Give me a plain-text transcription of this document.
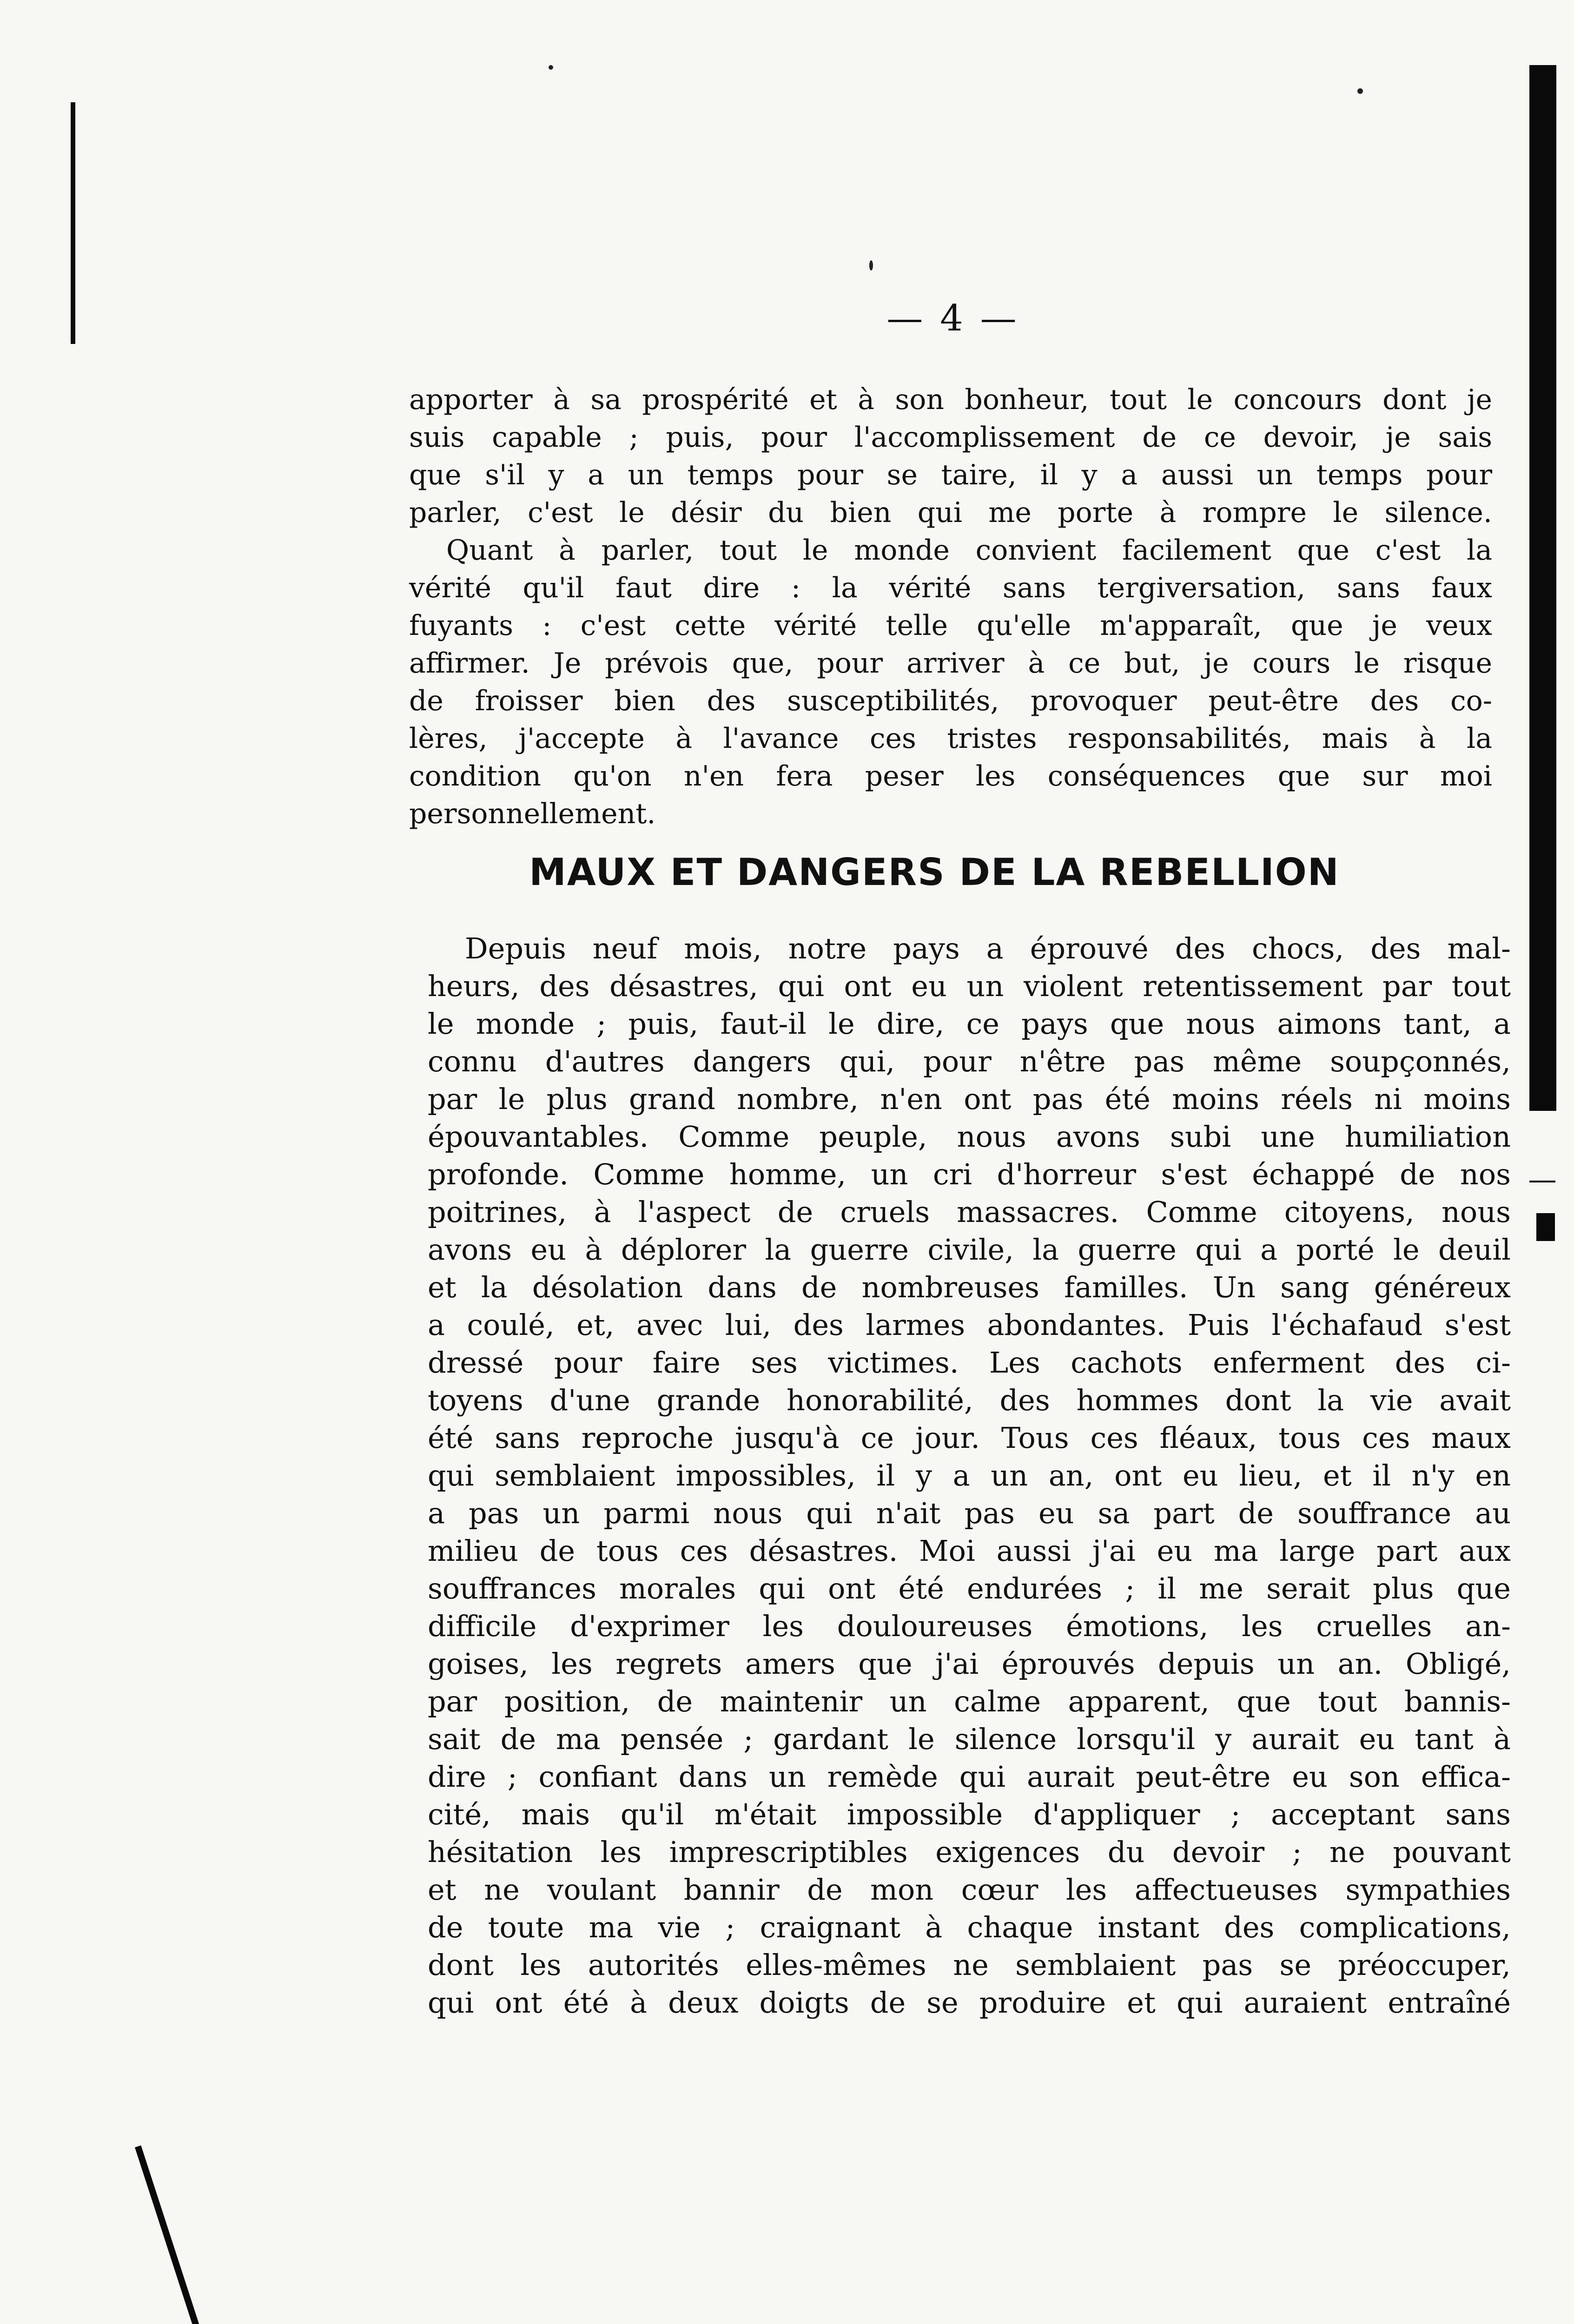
— 4 —
apporter à sa prospérité et à son bonheur, tout le concours dont je
suis capable ; puis, pour l'accomplissement de ce devoir, je sais
que s'il y a un temps pour se taire, il y a aussi un temps pour
parler, c'est le désir du bien qui me porte à rompre le silence.
Quant à parler, tout le monde convient facilement que c'est la
vérité qu'il faut dire : la vérité sans tergiversation, sans faux
fuyants : c'est cette vérité telle qu'elle m'apparaît, que je veux
affirmer. Je prévois que, pour arriver à ce but, je cours le risque
de froisser bien des susceptibilités, provoquer peut-être des co-
lères, j'accepte à l'avance ces tristes responsabilités, mais à la
condition qu'on n'en fera peser les conséquences que sur moi
personnellement.
MAUX ET DANGERS DE LA REBELLION
Depuis neuf mois, notre pays a éprouvé des chocs, des mal-
heurs, des désastres, qui ont eu un violent retentissement par tout
le monde ; puis, faut-il le dire, ce pays que nous aimons tant, a
connu d'autres dangers qui, pour n'être pas même soupçonnés,
par le plus grand nombre, n'en ont pas été moins réels ni moins
épouvantables. Comme peuple, nous avons subi une humiliation
profonde. Comme homme, un cri d'horreur s'est échappé de nos
poitrines, à l'aspect de cruels massacres. Comme citoyens, nous
avons eu à déplorer la guerre civile, la guerre qui a porté le deuil
et la désolation dans de nombreuses familles. Un sang généreux
a coulé, et, avec lui, des larmes abondantes. Puis l'échafaud s'est
dressé pour faire ses victimes. Les cachots enferment des ci-
toyens d'une grande honorabilité, des hommes dont la vie avait
été sans reproche jusqu'à ce jour. Tous ces fléaux, tous ces maux
qui semblaient impossibles, il y a un an, ont eu lieu, et il n'y en
a pas un parmi nous qui n'ait pas eu sa part de souffrance au
milieu de tous ces désastres. Moi aussi j'ai eu ma large part aux
souffrances morales qui ont été endurées ; il me serait plus que
difficile d'exprimer les douloureuses émotions, les cruelles an-
goises, les regrets amers que j'ai éprouvés depuis un an. Obligé,
par position, de maintenir un calme apparent, que tout bannis-
sait de ma pensée ; gardant le silence lorsqu'il y aurait eu tant à
dire ; confiant dans un remède qui aurait peut-être eu son effica-
cité, mais qu'il m'était impossible d'appliquer ; acceptant sans
hésitation les imprescriptibles exigences du devoir ; ne pouvant
et ne voulant bannir de mon cœur les affectueuses sympathies
de toute ma vie ; craignant à chaque instant des complications,
dont les autorités elles-mêmes ne semblaient pas se préoccuper,
qui ont été à deux doigts de se produire et qui auraient entraîné
